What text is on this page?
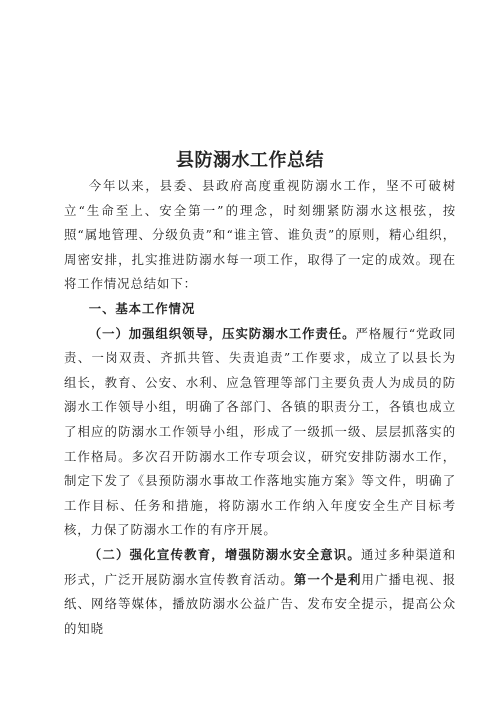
县防溺水工作总结

今年以来，县委、县政府高度重视防溺水工作，坚不可破树立“生命至上、安全第一”的理念，时刻绷紧防溺水这根弦，按照“属地管理、分级负责”和“谁主管、谁负责”的原则，精心组织，周密安排，扎实推进防溺水每一项工作，取得了一定的成效。现在将工作情况总结如下：

一、基本工作情况

（一）加强组织领导，压实防溺水工作责任。严格履行“党政同责、一岗双责、齐抓共管、失责追责”工作要求，成立了以县长为组长，教育、公安、水利、应急管理等部门主要负责人为成员的防溺水工作领导小组，明确了各部门、各镇的职责分工，各镇也成立了相应的防溺水工作领导小组，形成了一级抓一级、层层抓落实的工作格局。多次召开防溺水工作专项会议，研究安排防溺水工作，制定下发了《县预防溺水事故工作落地实施方案》等文件，明确了工作目标、任务和措施，将防溺水工作纳入年度安全生产目标考核，力保了防溺水工作的有序开展。

（二）强化宣传教育，增强防溺水安全意识。通过多种渠道和形式，广泛开展防溺水宣传教育活动。第一个是利用广播电视、报纸、网络等媒体，播放防溺水公益广告、发布安全提示，提高公众的知晓
